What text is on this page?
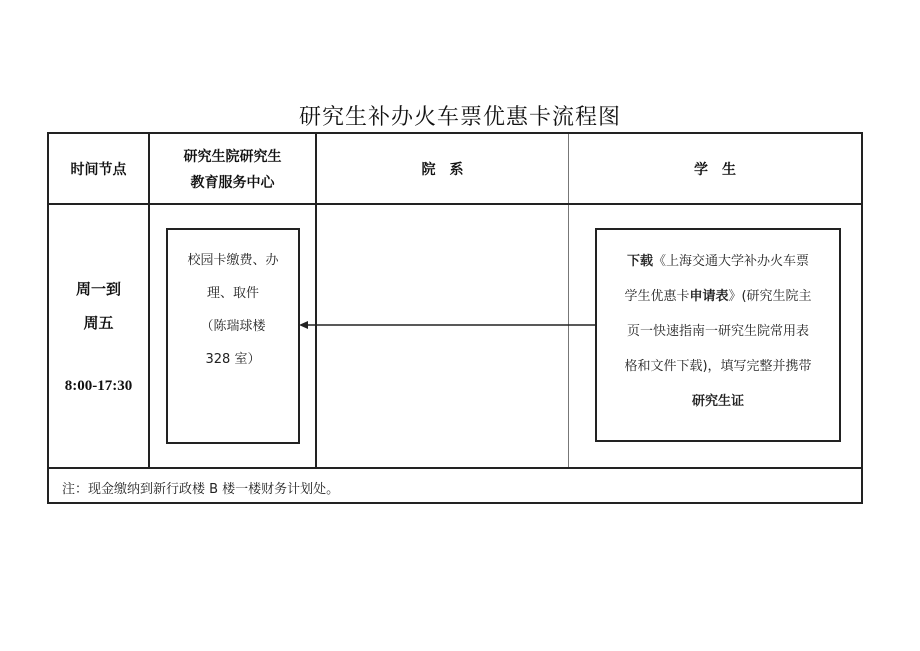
研究生补办火车票优惠卡流程图
时间节点
研究生院研究生
教育服务中心
院　系	学　生
周一到
周五
8:00-17:30
校园卡缴费、办
理、取件
（陈瑞球楼
328 室）
下载《上海交通大学补办火车票
学生优惠卡申请表》(研究生院主
页一快速指南一研究生院常用表
格和文件下载)，填写完整并携带
研究生证
注：现金缴纳到新行政楼 B 楼一楼财务计划处。
